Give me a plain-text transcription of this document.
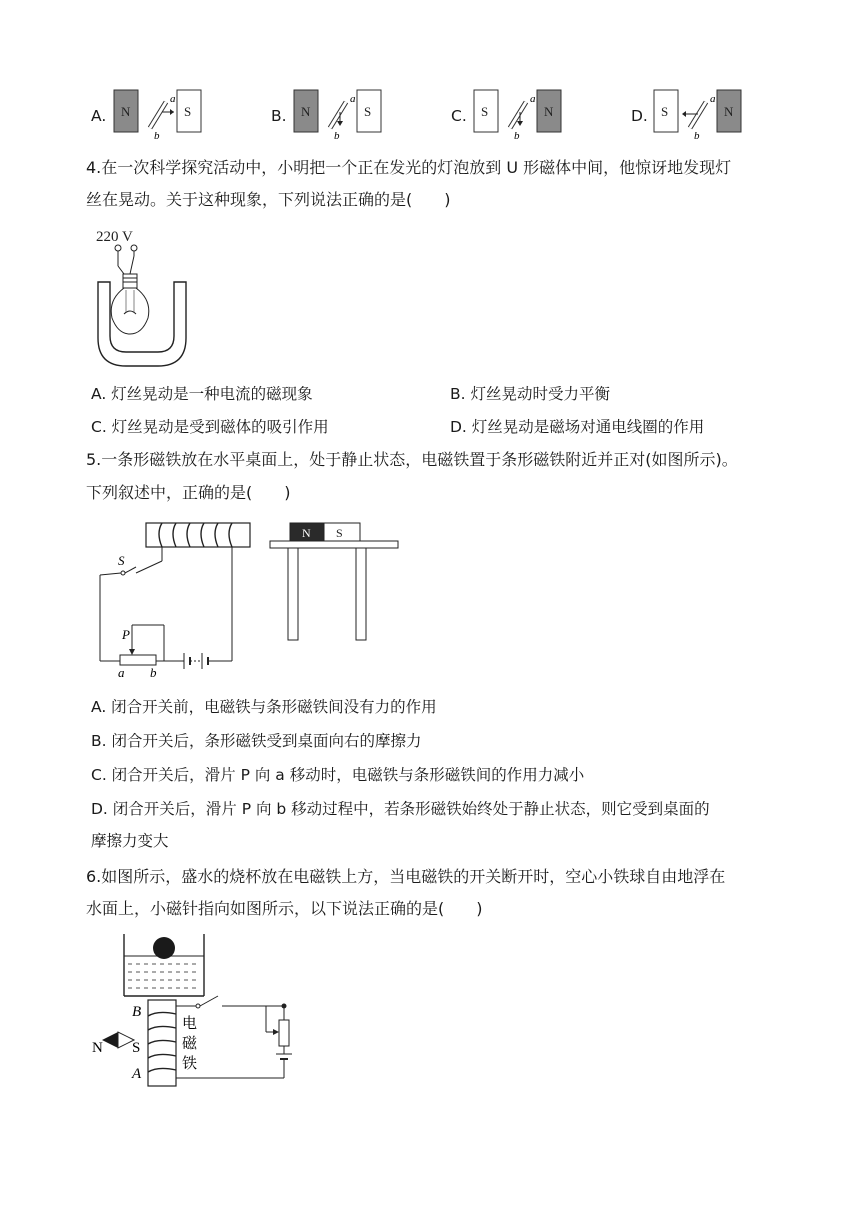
A. N	S
a
b
B. N	S
a
b
C. S	N
a
b
D. S	N
a
b
4.在一次科学探究活动中，小明把一个正在发光的灯泡放到 U 形磁体中间，他惊讶地发现灯
丝在晃动。关于这种现象，下列说法正确的是(　　)
220 V
A. 灯丝晃动是一种电流的磁现象	B. 灯丝晃动时受力平衡
C. 灯丝晃动是受到磁体的吸引作用	D. 灯丝晃动是磁场对通电线圈的作用
5.一条形磁铁放在水平桌面上，处于静止状态，电磁铁置于条形磁铁附近并正对(如图所示)。
下列叙述中，正确的是(　　)
S
P
a b
N S
A. 闭合开关前，电磁铁与条形磁铁间没有力的作用
B. 闭合开关后，条形磁铁受到桌面向右的摩擦力
C. 闭合开关后，滑片 P 向 a 移动时，电磁铁与条形磁铁间的作用力减小
D. 闭合开关后，滑片 P 向 b 移动过程中，若条形磁铁始终处于静止状态，则它受到桌面的
摩擦力变大
6.如图所示，盛水的烧杯放在电磁铁上方，当电磁铁的开关断开时，空心小铁球自由地浮在
水面上，小磁针指向如图所示，以下说法正确的是(　　)
B
A
N S
电
磁
铁
